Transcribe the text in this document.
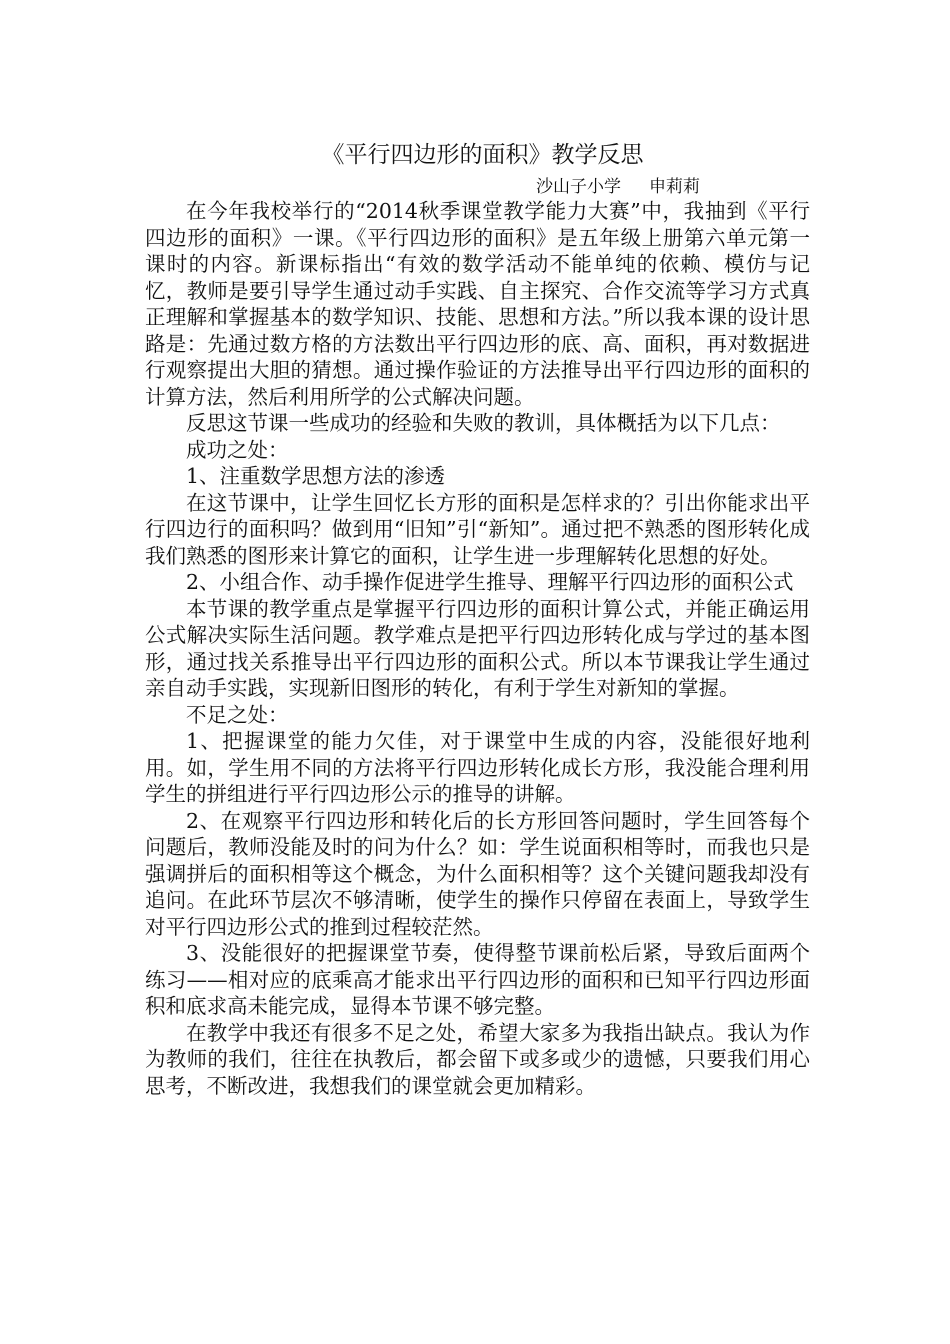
《平行四边形的面积》教学反思
沙山子小学 申莉莉

在今年我校举行的“2014秋季课堂教学能力大赛”中，我抽到《平行四边形的面积》一课。《平行四边形的面积》是五年级上册第六单元第一课时的内容。新课标指出“有效的数学活动不能单纯的依赖、模仿与记忆，教师是要引导学生通过动手实践、自主探究、合作交流等学习方式真正理解和掌握基本的数学知识、技能、思想和方法。”所以我本课的设计思路是：先通过数方格的方法数出平行四边形的底、高、面积，再对数据进行观察提出大胆的猜想。通过操作验证的方法推导出平行四边形的面积的计算方法，然后利用所学的公式解决问题。

反思这节课一些成功的经验和失败的教训，具体概括为以下几点：

成功之处：

1、注重数学思想方法的渗透

在这节课中，让学生回忆长方形的面积是怎样求的？引出你能求出平行四边行的面积吗？做到用“旧知”引“新知”。通过把不熟悉的图形转化成我们熟悉的图形来计算它的面积，让学生进一步理解转化思想的好处。

2、小组合作、动手操作促进学生推导、理解平行四边形的面积公式

本节课的教学重点是掌握平行四边形的面积计算公式，并能正确运用公式解决实际生活问题。教学难点是把平行四边形转化成与学过的基本图形，通过找关系推导出平行四边形的面积公式。所以本节课我让学生通过亲自动手实践，实现新旧图形的转化，有利于学生对新知的掌握。

不足之处：

1、把握课堂的能力欠佳，对于课堂中生成的内容，没能很好地利用。如，学生用不同的方法将平行四边形转化成长方形，我没能合理利用学生的拼组进行平行四边形公示的推导的讲解。

2、在观察平行四边形和转化后的长方形回答问题时，学生回答每个问题后，教师没能及时的问为什么？如：学生说面积相等时，而我也只是强调拼后的面积相等这个概念，为什么面积相等？这个关键问题我却没有追问。在此环节层次不够清晰，使学生的操作只停留在表面上，导致学生对平行四边形公式的推到过程较茫然。

3、没能很好的把握课堂节奏，使得整节课前松后紧，导致后面两个练习——相对应的底乘高才能求出平行四边形的面积和已知平行四边形面积和底求高未能完成，显得本节课不够完整。

在教学中我还有很多不足之处，希望大家多为我指出缺点。我认为作为教师的我们，往往在执教后，都会留下或多或少的遗憾，只要我们用心思考，不断改进，我想我们的课堂就会更加精彩。
